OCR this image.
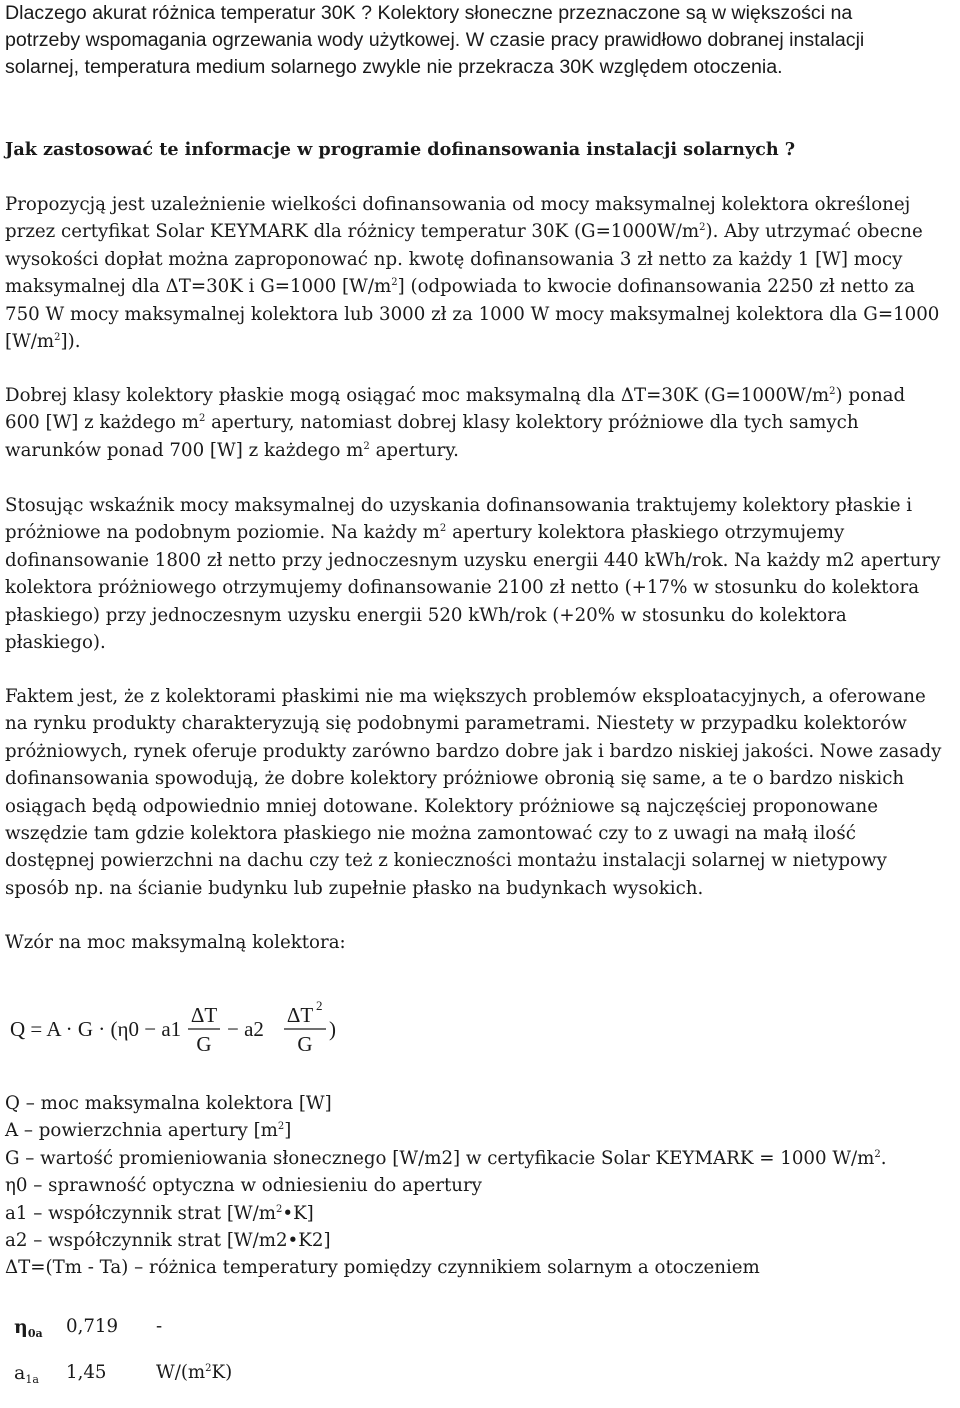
Dlaczego akurat różnica temperatur 30K ? Kolektory słoneczne przeznaczone są w większości na

potrzeby wspomagania ogrzewania wody użytkowej. W czasie pracy prawidłowo dobranej instalacji

solarnej, temperatura medium solarnego zwykle nie przekracza 30K względem otoczenia.

Jak zastosować te informacje w programie dofinansowania instalacji solarnych ?

Propozycją jest uzależnienie wielkości dofinansowania od mocy maksymalnej kolektora określonej

przez certyfikat Solar KEYMARK dla różnicy temperatur 30K $(G=1000W/m^2)$. Aby utrzymać obecne

wysokości dopłat można zaproponować np. kwotę dofinansowania 3 zł netto za każdy 1 [W] mocy

maksymalnej dla ΔT=30K i G=1000 $[W/m^2]$ (odpowiada to kwocie dofinansowania 2250 zł netto za

750 W mocy maksymalnej kolektora lub 3000 zł za 1000 W mocy maksymalnej kolektora dla G=1000

$[W/m^2]$).

Dobrej klasy kolektory płaskie mogą osiągać moc maksymalną dla ΔT=30K $(G=1000W/m^2)$ ponad

600 [W] z każdego $m^2$ apertury, natomiast dobrej klasy kolektory próżniowe dla tych samych

warunków ponad 700 [W] z każdego $m^2$ apertury.

Stosując wskaźnik mocy maksymalnej do uzyskania dofinansowania traktujemy kolektory płaskie i

próżniowe na podobnym poziomie. Na każdy $m^2$ apertury kolektora płaskiego otrzymujemy

dofinansowanie 1800 zł netto przy jednoczesnym uzysku energii 440 kWh/rok. Na każdy m2 apertury

kolektora próżniowego otrzymujemy dofinansowanie 2100 zł netto (+17% w stosunku do kolektora

płaskiego) przy jednoczesnym uzysku energii 520 kWh/rok (+20% w stosunku do kolektora

płaskiego).

Faktem jest, że z kolektorami płaskimi nie ma większych problemów eksploatacyjnych, a oferowane

na rynku produkty charakteryzują się podobnymi parametrami. Niestety w przypadku kolektorów

próżniowych, rynek oferuje produkty zarówno bardzo dobre jak i bardzo niskiej jakości. Nowe zasady

dofinansowania spowodują, że dobre kolektory próżniowe obronią się same, a te o bardzo niskich

osiągach będą odpowiednio mniej dotowane. Kolektory próżniowe są najczęściej proponowane

wszędzie tam gdzie kolektora płaskiego nie można zamontować czy to z uwagi na małą ilość

dostępnej powierzchni na dachu czy też z konieczności montażu instalacji solarnej w nietypowy

sposób np. na ścianie budynku lub zupełnie płasko na budynkach wysokich.

Wzór na moc maksymalną kolektora:

Q = A · G · (η0 − a1
ΔT
G
− a2
ΔT 2
G
)

Q – moc maksymalna kolektora [W]

A – powierzchnia apertury $[m^2]$

G – wartość promieniowania słonecznego [W/m2] w certyfikacie Solar KEYMARK = 1000 $W/m^2$.

η0 – sprawność optyczna w odniesieniu do apertury

a1 – współczynnik strat $[W/m^2•K]$

a2 – współczynnik strat [W/m2•K2]

ΔT=(Tm - Ta) – różnica temperatury pomiędzy czynnikiem solarnym a otoczeniem

$\eta_{0a}$ 0,719 -
$a_{1a}$ 1,45	$W/(m^2K)$
